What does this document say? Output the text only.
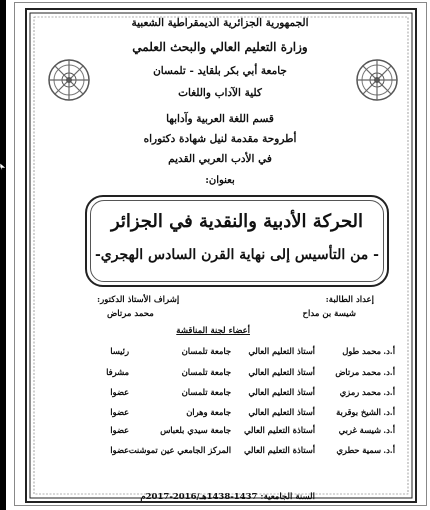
الجمهورية الجزائرية الديمقراطية الشعبية
وزارة التعليم العالي والبحث العلمي
جامعة أبي بكر بلقايد - تلمسان
كلية الآداب واللغات
قسم اللغة العربية وآدابها
أطروحة مقدمة لنيل شهادة دكتوراه
في الأدب العربي القديم
بعنوان:
الحركة الأدبية والنقدية في الجزائر
- من التأسيس إلى نهاية القرن السادس الهجري-
إعداد الطالبة:
إشراف الأستاذ الدكتور:
شيسة بن مداح
محمد مرتاض
أعضاء لجنة المناقشة
أ.د.
محمد طول
أستاذ التعليم العالي
جامعة تلمسان
رئيسا
أ.د.
محمد مرتاض
أستاذ التعليم العالي
جامعة تلمسان
مشرفا
أ.د.
محمد رمزي
أستاذ التعليم العالي
جامعة تلمسان
عضوا
أ.د.
الشيخ بوقربة
أستاذ التعليم العالي
جامعة وهران
عضوا
أ.د.
شيسة غربي
أستاذة التعليم العالي
جامعة سيدي بلعباس
عضوا
أ.د.
سمية حطري
أستاذة التعليم العالي
المركز الجامعي عين تموشنت
عضوا
السنة الجامعية: 1437-1438هـ/2016-2017م
